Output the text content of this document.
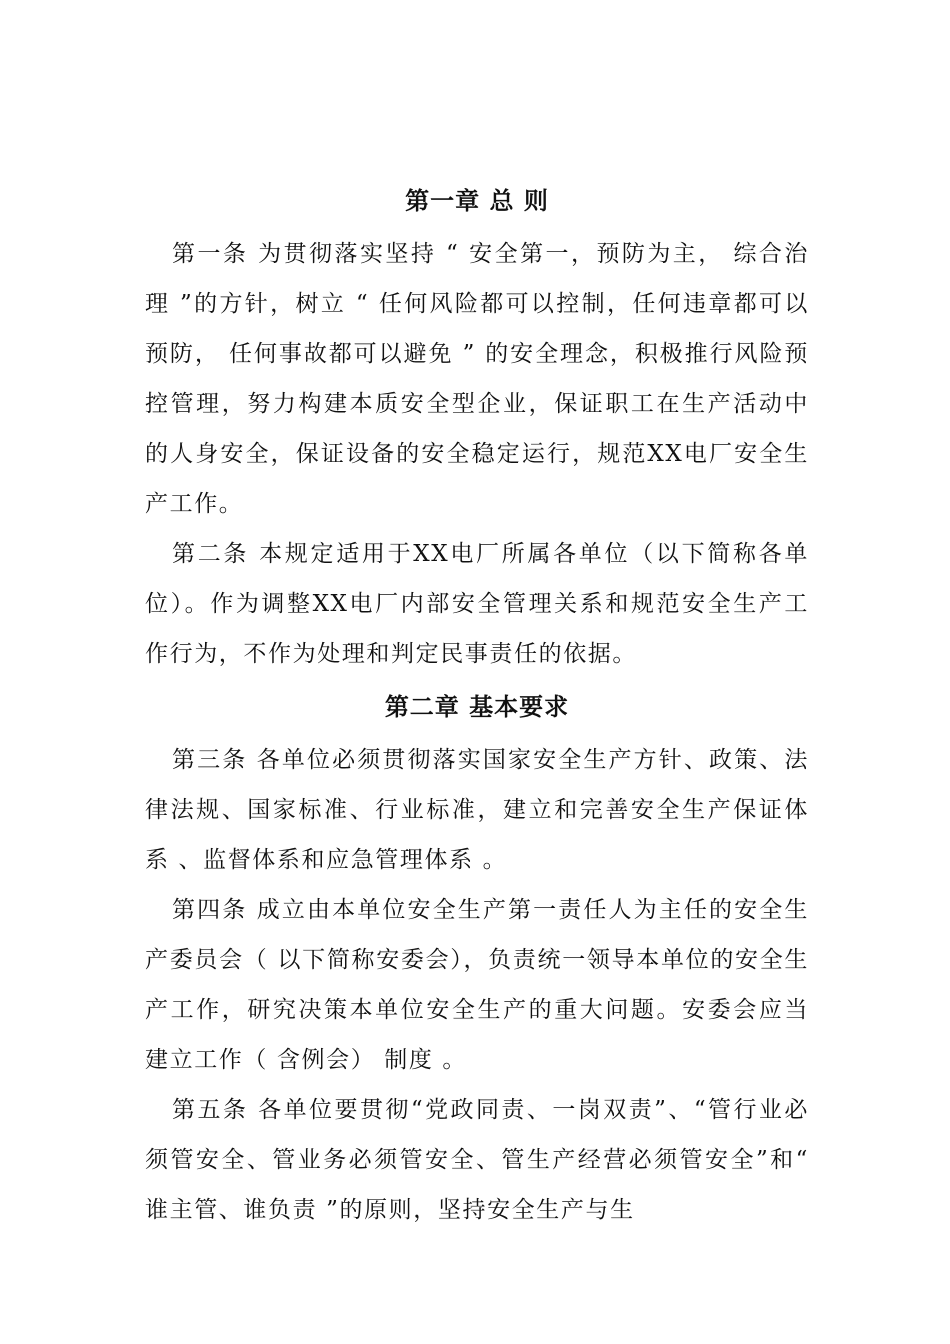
第一章 总 则

第一条 为贯彻落实坚持 “ 安全第一，预防为主， 综合治理 ”的方针，树立 “ 任何风险都可以控制，任何违章都可以预防， 任何事故都可以避免 ” 的安全理念，积极推行风险预控管理，努力构建本质安全型企业，保证职工在生产活动中的人身安全，保证设备的安全稳定运行，规范XX电厂安全生产工作。

第二条 本规定适用于XX电厂所属各单位（以下简称各单位）。作为调整XX电厂内部安全管理关系和规范安全生产工作行为，不作为处理和判定民事责任的依据。

第二章 基本要求

第三条 各单位必须贯彻落实国家安全生产方针、政策、法律法规、国家标准、行业标准，建立和完善安全生产保证体系 、监督体系和应急管理体系 。

第四条 成立由本单位安全生产第一责任人为主任的安全生产委员会（ 以下简称安委会），负责统一领导本单位的安全生产工作，研究决策本单位安全生产的重大问题。安委会应当建立工作（ 含例会） 制度 。

第五条 各单位要贯彻“党政同责、一岗双责”、“管行业必须管安全、管业务必须管安全、管生产经营必须管安全”和“ 谁主管、谁负责 ”的原则，坚持安全生产与生
